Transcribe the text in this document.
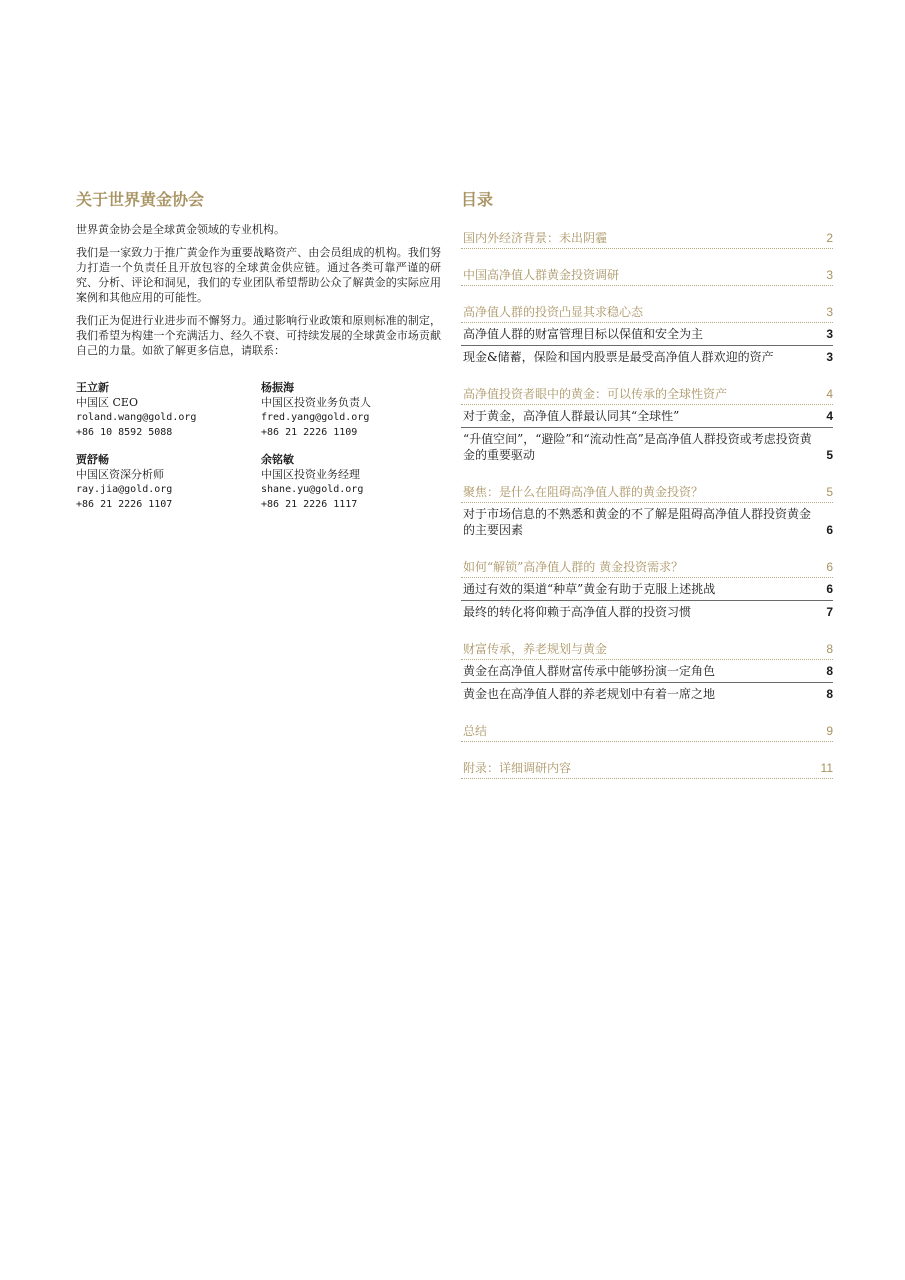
关于世界黄金协会

世界黄金协会是全球黄金领域的专业机构。

我们是一家致力于推广黄金作为重要战略资产、由会员组成的机构。我们努力打造一个负责任且开放包容的全球黄金供应链。通过各类可靠严谨的研究、分析、评论和洞见，我们的专业团队希望帮助公众了解黄金的实际应用案例和其他应用的可能性。

我们正为促进行业进步而不懈努力。通过影响行业政策和原则标准的制定，我们希望为构建一个充满活力、经久不衰、可持续发展的全球黄金市场贡献自己的力量。如欲了解更多信息，请联系：

王立新
中国区 CEO
roland.wang@gold.org
+86 10 8592 5088
杨振海
中国区投资业务负责人
fred.yang@gold.org
+86 21 2226 1109
贾舒畅
中国区资深分析师
ray.jia@gold.org
+86 21 2226 1107
余铭敏
中国区投资业务经理
shane.yu@gold.org
+86 21 2226 1117
目录
国内外经济背景：未出阴霾	2
中国高净值人群黄金投资调研	3
高净值人群的投资凸显其求稳心态	3
高净值人群的财富管理目标以保值和安全为主	3
现金&储蓄，保险和国内股票是最受高净值人群欢迎的资产	3
高净值投资者眼中的黄金：可以传承的全球性资产	4
对于黄金，高净值人群最认同其“全球性”	4
“升值空间”，“避险”和“流动性高”是高净值人群投资或考虑投资黄金的重要驱动	5
聚焦：是什么在阻碍高净值人群的黄金投资？	5
对于市场信息的不熟悉和黄金的不了解是阻碍高净值人群投资黄金的主要因素	6
如何“解锁”高净值人群的 黄金投资需求？	6
通过有效的渠道“种草”黄金有助于克服上述挑战	6
最终的转化将仰赖于高净值人群的投资习惯	7
财富传承，养老规划与黄金	8
黄金在高净值人群财富传承中能够扮演一定角色	8
黄金也在高净值人群的养老规划中有着一席之地	8
总结	9
附录：详细调研内容	11
